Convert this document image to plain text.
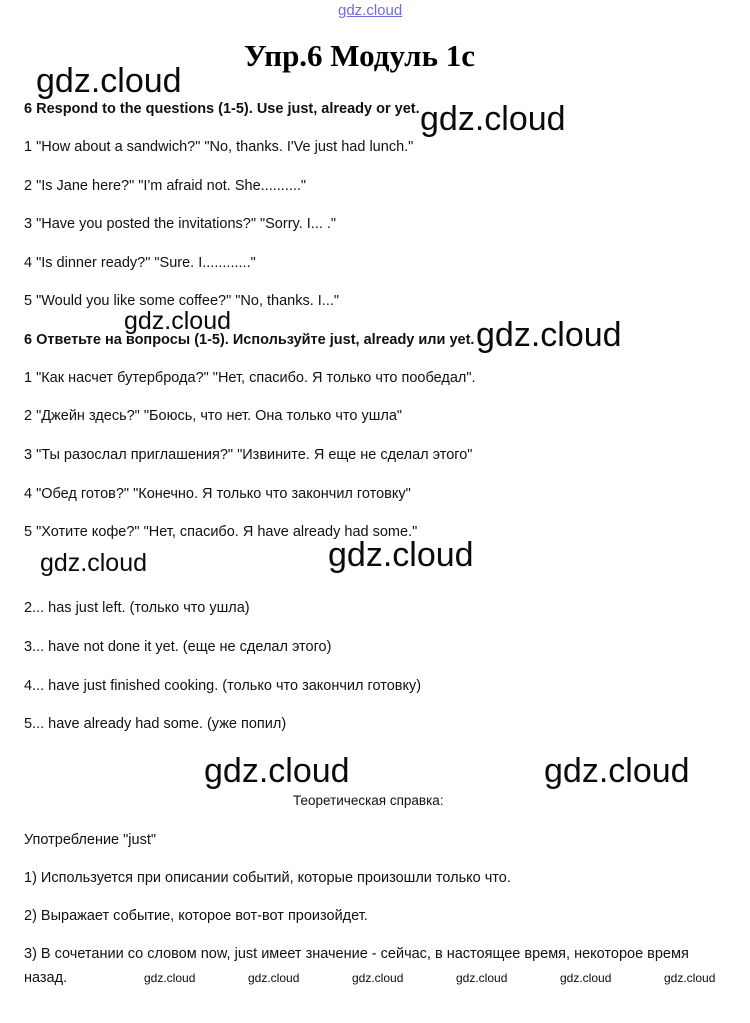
gdz.cloud
Упр.6 Модуль 1с
gdz.cloud
gdz.cloud
6 Respond to the questions (1-5). Use just, already or yet.
1 "How about a sandwich?" "No, thanks. I'Ve just had lunch."
2 "Is Jane here?" "I'm afraid not. She.........."
3 "Have you posted the invitations?" "Sorry. I... ."
4 "Is dinner ready?" "Sure. I............"
5 "Would you like some coffee?" "No, thanks. I..."
gdz.cloud	gdz.cloud
6 Ответьте на вопросы (1-5). Используйте just, already или yet.
1 "Как насчет бутерброда?" "Нет, спасибо. Я только что пообедал".
2 "Джейн здесь?" "Боюсь, что нет. Она только что ушла"
3 "Ты разослал приглашения?" "Извините. Я еще не сделал этого"
4 "Обед готов?" "Конечно. Я только что закончил готовку"
5 "Хотите кофе?" "Нет, спасибо. Я have already had some."
gdz.cloud	gdz.cloud
2... has just left. (только что ушла)
3... have not done it yet. (еще не сделал этого)
4... have just finished cooking. (только что закончил готовку)
5... have already had some. (уже попил)
gdz.cloud	gdz.cloud
Теоретическая справка:
Употребление "just"
1) Используется при описании событий, которые произошли только что.
2) Выражает событие, которое вот-вот произойдет.
3) В сочетании со словом now, just имеет значение - сейчас, в настоящее время, некоторое время
назад.	gdz.cloud	gdz.cloud	gdz.cloud	gdz.cloud	gdz.cloud	gdz.cloud
